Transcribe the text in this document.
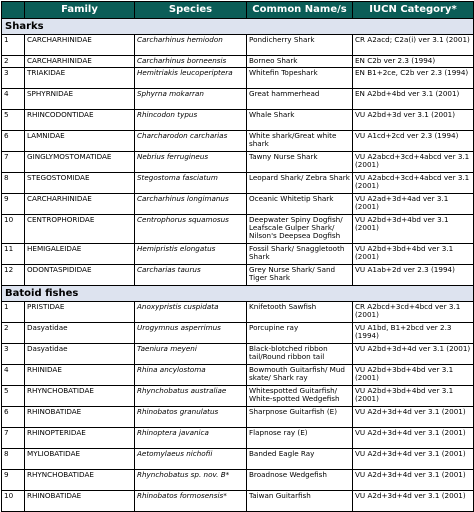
	Family	Species	Common Name/s	IUCN Category*
Sharks				
1	CARCHARHINIDAE	Carcharhinus hemiodon	Pondicherry Shark	CR A2acd; C2a(i) ver 3.1 (2001)
2	CARCHARHINIDAE	Carcharhinus borneensis	Borneo Shark	EN C2b ver 2.3 (1994)
3	TRIAKIDAE	Hemitriakis leucoperiptera	Whitefin Topeshark	EN B1+2ce, C2b ver 2.3 (1994)
4	SPHYRNIDAE	Sphyrna mokarran	Great hammerhead	EN A2bd+4bd ver 3.1 (2001)
5	RHINCODONTIDAE	Rhincodon typus	Whale Shark	VU A2bd+3d ver 3.1 (2001)
6	LAMNIDAE	Charcharodon carcharias	White shark/Great white shark	VU A1cd+2cd ver 2.3 (1994)
7	GINGLYMOSTOMATIDAE	Nebrius ferrugineus	Tawny Nurse Shark	VU A2abcd+3cd+4abcd ver 3.1 (2001)
8	STEGOSTOMIDAE	Stegostoma fasciatum	Leopard Shark/ Zebra Shark	VU A2abcd+3cd+4abcd ver 3.1 (2001)
9	CARCHARHINIDAE	Carcharhinus longimanus	Oceanic Whitetip Shark	VU A2ad+3d+4ad ver 3.1 (2001)
10	CENTROPHORIDAE	Centrophorus squamosus	Deepwater Spiny Dogfish/ Leafscale Gulper Shark/ Nilson's Deepsea Dogfish	VU A2bd+3d+4bd ver 3.1 (2001)
11	HEMIGALEIDAE	Hemipristis elongatus	Fossil Shark/ Snaggletooth Shark	VU A2bd+3bd+4bd ver 3.1 (2001)
12	ODONTASPIDIDAE	Carcharias taurus	Grey Nurse Shark/ Sand Tiger Shark	VU A1ab+2d ver 2.3 (1994)
Batoid fishes				
1	PRISTIDAE	Anoxypristis cuspidata	Knifetooth Sawfish	CR A2bcd+3cd+4bcd ver 3.1 (2001)
2	Dasyatidae	Urogymnus asperrimus	Porcupine ray	VU A1bd, B1+2bcd ver 2.3 (1994)
3	Dasyatidae	Taeniura meyeni	Black-blotched ribbon tail/Round ribbon tail	VU A2bd+3d+4d ver 3.1 (2001)
4	RHINIDAE	Rhina ancylostoma	Bowmouth Guitarfish/ Mud skate/ Shark ray	VU A2bd+3bd+4bd ver 3.1 (2001)
5	RHYNCHOBATIDAE	Rhynchobatus australiae	Whitespotted Guitarfish/ White-spotted Wedgefish	VU A2bd+3bd+4bd ver 3.1 (2001)
6	RHINOBATIDAE	Rhinobatos granulatus	Sharpnose Guitarfish (E)	VU A2d+3d+4d ver 3.1 (2001)
7	RHINOPTERIDAE	Rhinoptera javanica	Flapnose ray (E)	VU A2d+3d+4d ver 3.1 (2001)
8	MYLIOBATIDAE	Aetomylaeus nichofii	Banded Eagle Ray	VU A2d+3d+4d ver 3.1 (2001)
9	RHYNCHOBATIDAE	Rhynchobatus sp. nov. B*	Broadnose Wedgefish	VU A2d+3d+4d ver 3.1 (2001)
10	RHINOBATIDAE	Rhinobatos formosensis*	Taiwan Guitarfish	VU A2d+3d+4d ver 3.1 (2001)
